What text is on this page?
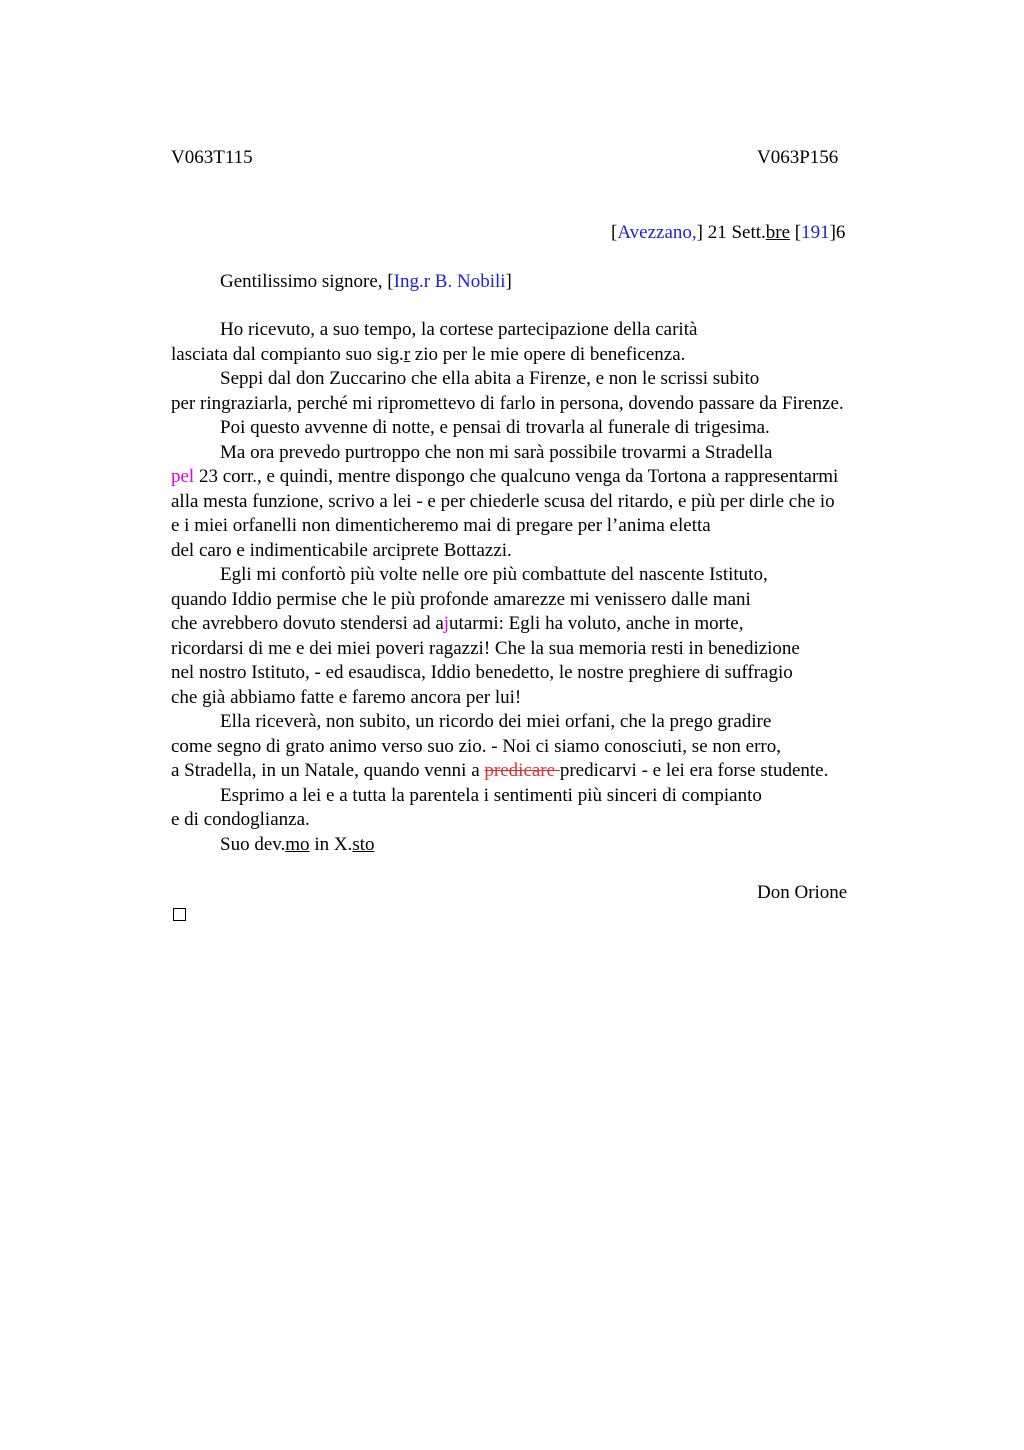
V063T115	V063P156
[Avezzano,] 21 Sett.bre [191]6
Gentilissimo signore, [Ing.r B. Nobili]
Ho ricevuto, a suo tempo, la cortese partecipazione della carità
lasciata dal compianto suo sig.r zio per le mie opere di beneficenza.
Seppi dal don Zuccarino che ella abita a Firenze, e non le scrissi subito
per ringraziarla, perché mi ripromettevo di farlo in persona, dovendo passare da Firenze.
Poi questo avvenne di notte, e pensai di trovarla al funerale di trigesima.
Ma ora prevedo purtroppo che non mi sarà possibile trovarmi a Stradella
pel 23 corr., e quindi, mentre dispongo che qualcuno venga da Tortona a rappresentarmi
alla mesta funzione, scrivo a lei - e per chiederle scusa del ritardo, e più per dirle che io
e i miei orfanelli non dimenticheremo mai di pregare per l’anima eletta
del caro e indimenticabile arciprete Bottazzi.
Egli mi confortò più volte nelle ore più combattute del nascente Istituto,
quando Iddio permise che le più profonde amarezze mi venissero dalle mani
che avrebbero dovuto stendersi ad ajutarmi: Egli ha voluto, anche in morte,
ricordarsi di me e dei miei poveri ragazzi! Che la sua memoria resti in benedizione
nel nostro Istituto, - ed esaudisca, Iddio benedetto, le nostre preghiere di suffragio
che già abbiamo fatte e faremo ancora per lui!
Ella riceverà, non subito, un ricordo dei miei orfani, che la prego gradire
come segno di grato animo verso suo zio. - Noi ci siamo conosciuti, se non erro,
a Stradella, in un Natale, quando venni a predicare predicarvi - e lei era forse studente.
Esprimo a lei e a tutta la parentela i sentimenti più sinceri di compianto
e di condoglianza.
Suo dev.mo in X.sto
Don Orione
